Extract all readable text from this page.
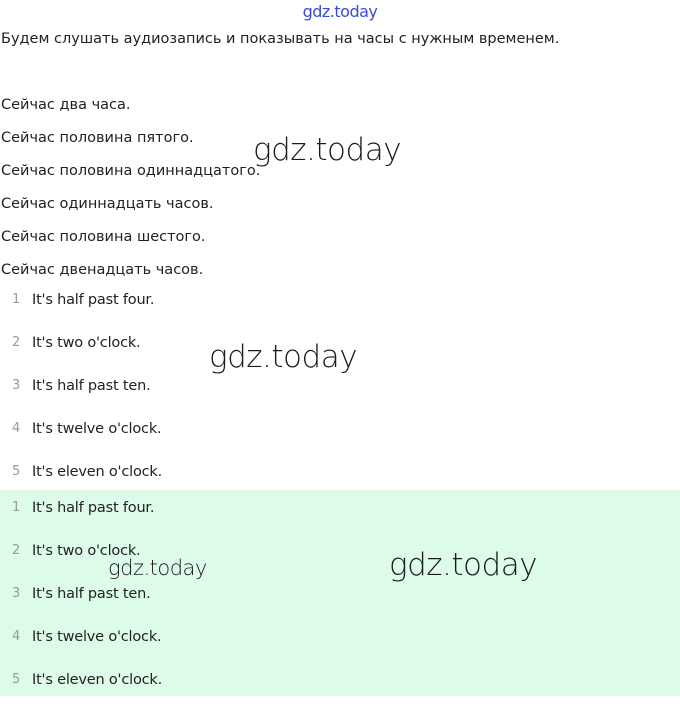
gdz.today
Будем слушать аудиозапись и показывать на часы с нужным временем.
Сейчас два часа.
Сейчас половина пятого.
Сейчас половина одиннадцатого.
Сейчас одиннадцать часов.
Сейчас половина шестого.
Сейчас двенадцать часов.
1 It's half past four.
2 It's two o'clock.
3 It's half past ten.
4 It's twelve o'clock.
5 It's eleven o'clock.
1 It's half past four.
2 It's two o'clock.
3 It's half past ten.
4 It's twelve o'clock.
5 It's eleven o'clock.
gdz.today
gdz.today
gdz.today
gdz.today
